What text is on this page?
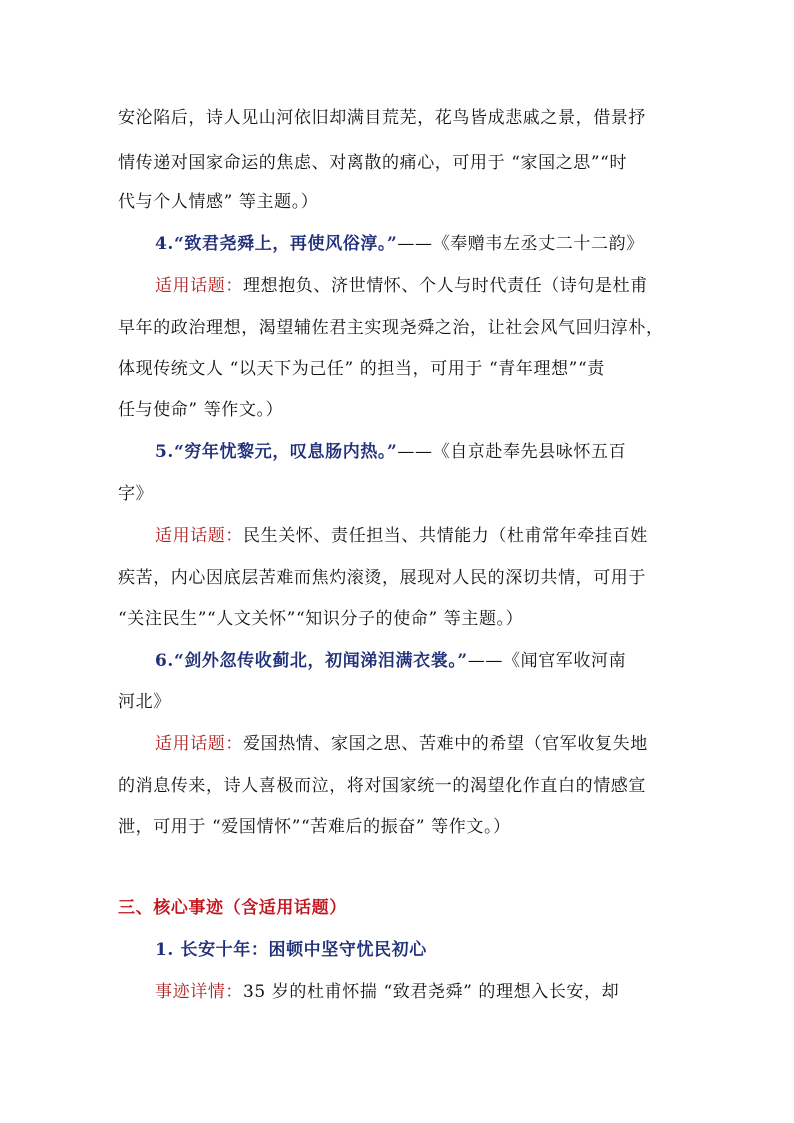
安沦陷后，诗人见山河依旧却满目荒芜，花鸟皆成悲戚之景，借景抒
情传递对国家命运的焦虑、对离散的痛心，可用于 “家国之思”“时
代与个人情感” 等主题。）
4.“致君尧舜上，再使风俗淳。”——《奉赠韦左丞丈二十二韵》
适用话题：理想抱负、济世情怀、个人与时代责任（诗句是杜甫
早年的政治理想，渴望辅佐君主实现尧舜之治，让社会风气回归淳朴，
体现传统文人 “以天下为己任” 的担当，可用于 “青年理想”“责
任与使命” 等作文。）
5.“穷年忧黎元，叹息肠内热。”——《自京赴奉先县咏怀五百
字》
适用话题：民生关怀、责任担当、共情能力（杜甫常年牵挂百姓
疾苦，内心因底层苦难而焦灼滚烫，展现对人民的深切共情，可用于
“关注民生”“人文关怀”“知识分子的使命” 等主题。）
6.“剑外忽传收蓟北，初闻涕泪满衣裳。”——《闻官军收河南
河北》
适用话题：爱国热情、家国之思、苦难中的希望（官军收复失地
的消息传来，诗人喜极而泣，将对国家统一的渴望化作直白的情感宣
泄，可用于 “爱国情怀”“苦难后的振奋” 等作文。）
三、核心事迹（含适用话题）
1. 长安十年：困顿中坚守忧民初心
事迹详情：35 岁的杜甫怀揣 “致君尧舜” 的理想入长安，却
